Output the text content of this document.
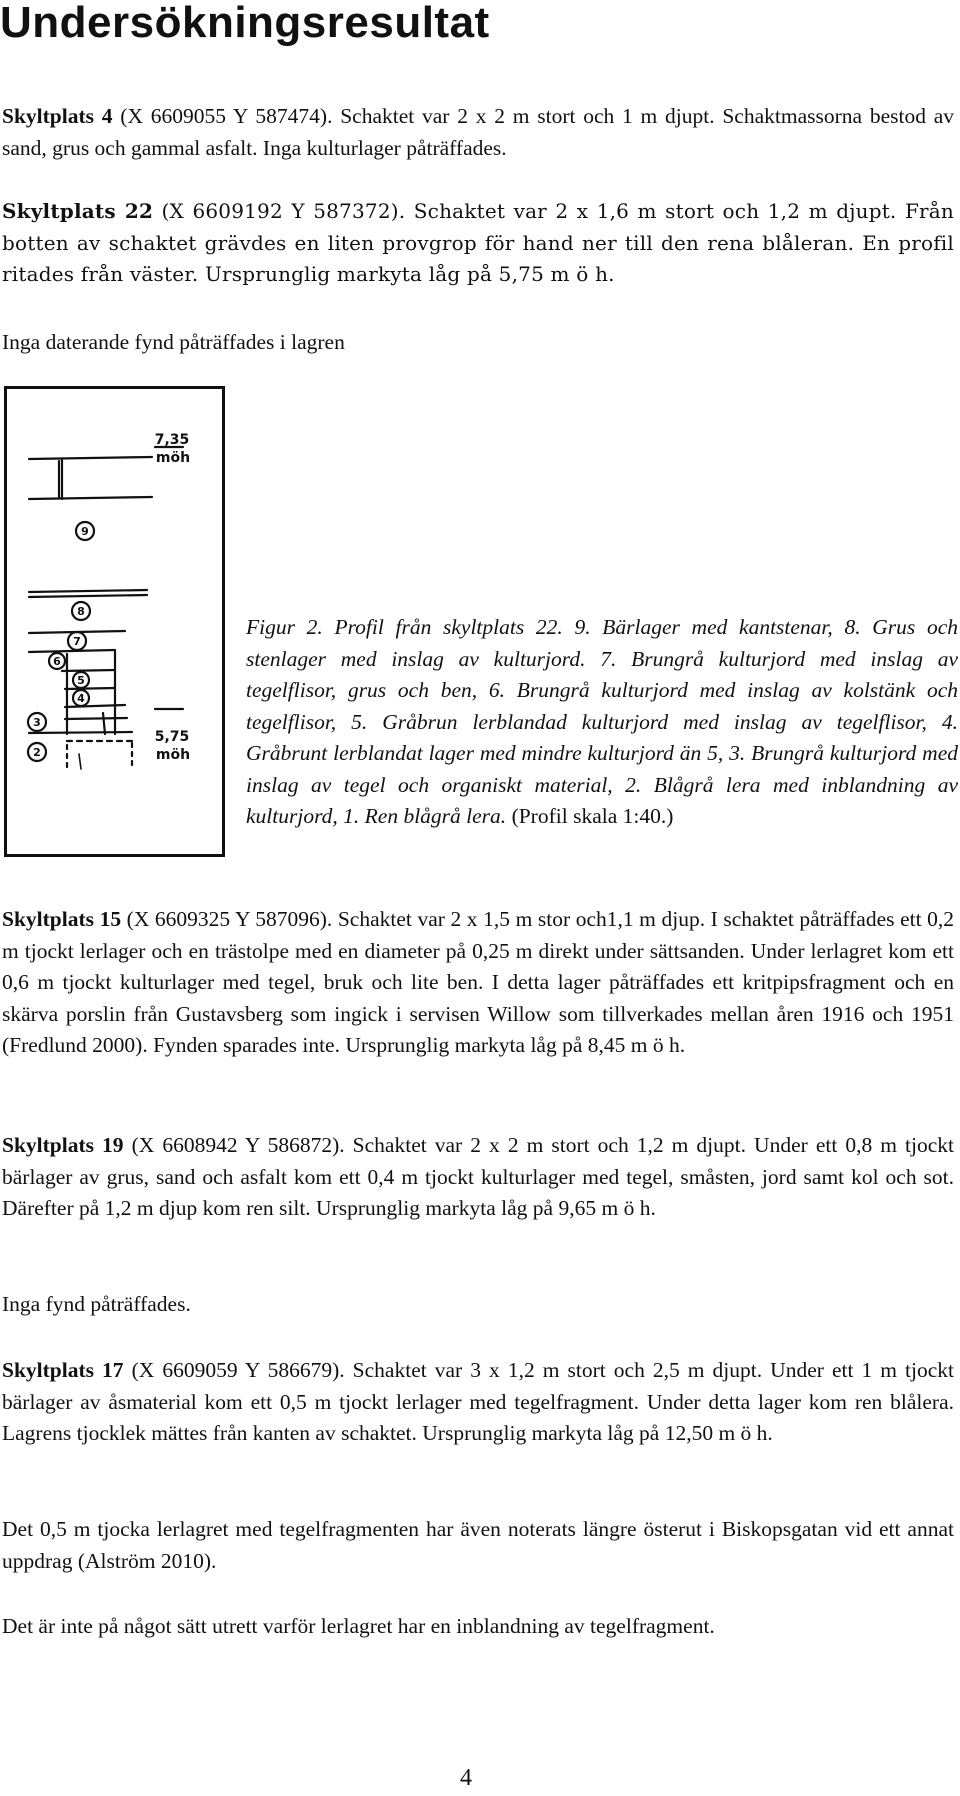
Undersökningsresultat

Skyltplats 4 (X 6609055 Y 587474). Schaktet var 2 x 2 m stort och 1 m djupt. Schaktmassorna bestod av sand, grus och gammal asfalt. Inga kulturlager påträffades.

Skyltplats 22 (X 6609192 Y 587372). Schaktet var 2 x 1,6 m stort och 1,2 m djupt. Från botten av schaktet grävdes en liten provgrop för hand ner till den rena blåleran. En profil ritades från väster. Ursprunglig markyta låg på 5,75 m ö h.

Inga daterande fynd påträffades i lagren

9
8
7
6
5
4
3
2
7,35
möh
5,75
möh

Figur 2. Profil från skyltplats 22. 9. Bärlager med kantstenar, 8. Grus och stenlager med inslag av kulturjord. 7. Brungrå kulturjord med inslag av tegelflisor, grus och ben, 6. Brungrå kulturjord med inslag av kolstänk och tegelflisor, 5. Gråbrun lerblandad kulturjord med inslag av tegelflisor, 4. Gråbrunt lerblandat lager med mindre kulturjord än 5, 3. Brungrå kulturjord med inslag av tegel och organiskt material, 2. Blågrå lera med inblandning av kulturjord, 1. Ren blågrå lera. (Profil skala 1:40.)

Skyltplats 15 (X 6609325 Y 587096). Schaktet var 2 x 1,5 m stor och1,1 m djup. I schaktet påträffades ett 0,2 m tjockt lerlager och en trästolpe med en diameter på 0,25 m direkt under sättsanden. Under lerlagret kom ett 0,6 m tjockt kulturlager med tegel, bruk och lite ben. I detta lager påträffades ett kritpipsfragment och en skärva porslin från Gustavsberg som ingick i servisen Willow som tillverkades mellan åren 1916 och 1951 (Fredlund 2000). Fynden sparades inte. Ursprunglig markyta låg på 8,45 m ö h.

Skyltplats 19 (X 6608942 Y 586872). Schaktet var 2 x 2 m stort och 1,2 m djupt. Under ett 0,8 m tjockt bärlager av grus, sand och asfalt kom ett 0,4 m tjockt kulturlager med tegel, småsten, jord samt kol och sot. Därefter på 1,2 m djup kom ren silt. Ursprunglig markyta låg på 9,65 m ö h.

Inga fynd påträffades.

Skyltplats 17 (X 6609059 Y 586679). Schaktet var 3 x 1,2 m stort och 2,5 m djupt. Under ett 1 m tjockt bärlager av åsmaterial kom ett 0,5 m tjockt lerlager med tegelfragment. Under detta lager kom ren blålera. Lagrens tjocklek mättes från kanten av schaktet. Ursprunglig markyta låg på 12,50 m ö h.

Det 0,5 m tjocka lerlagret med tegelfragmenten har även noterats längre österut i Biskopsgatan vid ett annat uppdrag (Alström 2010).

Det är inte på något sätt utrett varför lerlagret har en inblandning av tegelfragment.

4
